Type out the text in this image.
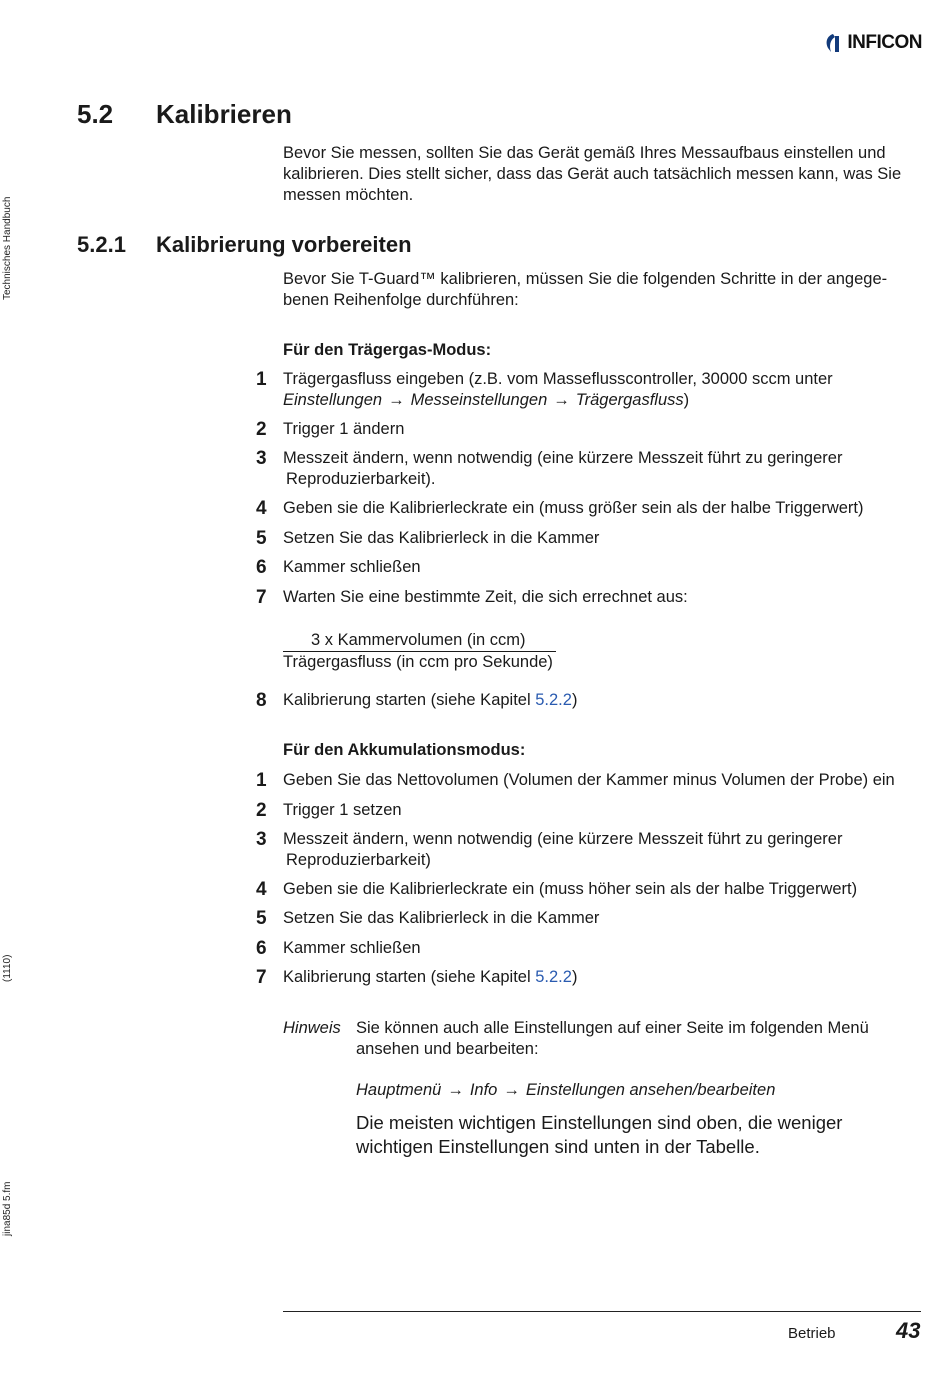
INFICON
Technisches Handbuch
(1110)
jina85d 5.fm
5.2 Kalibrieren
Bevor Sie messen, sollten Sie das Gerät gemäß Ihres Messaufbaus einstellen und kalibrieren. Dies stellt sicher, dass das Gerät auch tatsächlich messen kann, was Sie messen möchten.
5.2.1 Kalibrierung vorbereiten
Bevor Sie T-Guard™ kalibrieren, müssen Sie die folgenden Schritte in der angegebenen Reihenfolge durchführen:
Für den Trägergas-Modus:
1 Trägergasfluss eingeben (z.B. vom Masseflusscontroller, 30000 sccm unter
Einstellungen → Messeinstellungen → Trägergasfluss)
2 Trigger 1 ändern
3 Messzeit ändern, wenn notwendig (eine kürzere Messzeit führt zu geringerer
Reproduzierbarkeit).
4 Geben sie die Kalibrierleckrate ein (muss größer sein als der halbe Triggerwert)
5 Setzen Sie das Kalibrierleck in die Kammer
6 Kammer schließen
7 Warten Sie eine bestimmte Zeit, die sich errechnet aus:
3 x Kammervolumen (in ccm)
Trägergasfluss (in ccm pro Sekunde)
8 Kalibrierung starten (siehe Kapitel 5.2.2)
Für den Akkumulationsmodus:
1 Geben Sie das Nettovolumen (Volumen der Kammer minus Volumen der Probe) ein
2 Trigger 1 setzen
3 Messzeit ändern, wenn notwendig (eine kürzere Messzeit führt zu geringerer
Reproduzierbarkeit)
4 Geben sie die Kalibrierleckrate ein (muss höher sein als der halbe Triggerwert)
5 Setzen Sie das Kalibrierleck in die Kammer
6 Kammer schließen
7 Kalibrierung starten (siehe Kapitel 5.2.2)
Hinweis Sie können auch alle Einstellungen auf einer Seite im folgenden Menü ansehen und bearbeiten:
Hauptmenü → Info → Einstellungen ansehen/bearbeiten
Die meisten wichtigen Einstellungen sind oben, die weniger wichtigen Einstellungen sind unten in der Tabelle.
Betrieb	43
